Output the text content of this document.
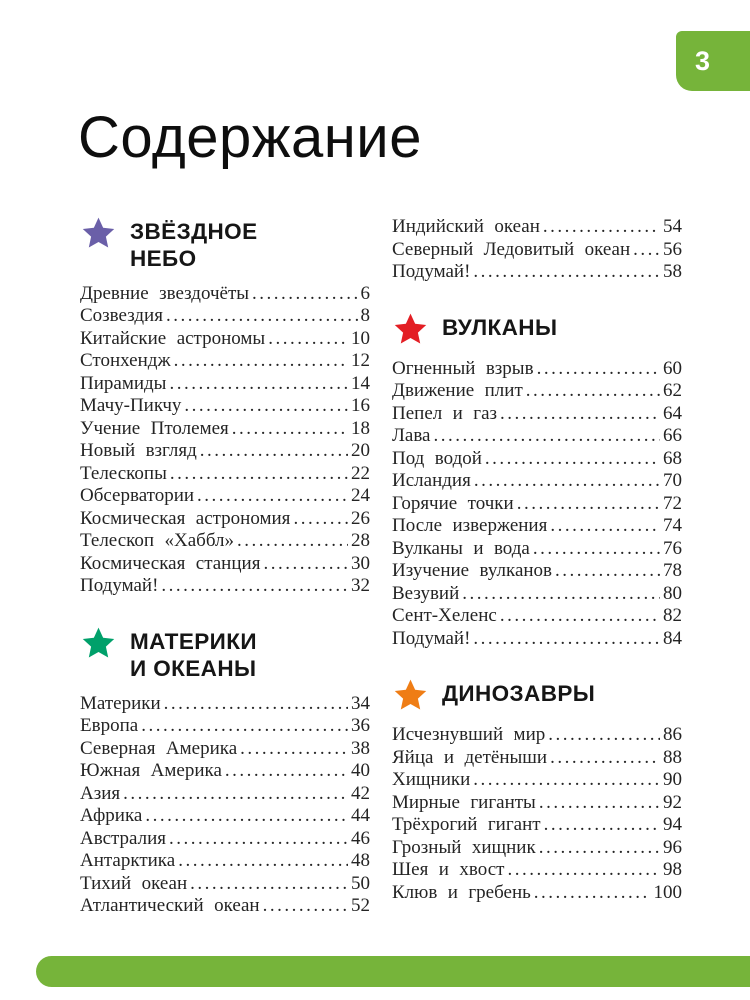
3
Содержание
ЗВЁЗДНОЕ
НЕБО
Древние звездочёты .....	6
Созвездия .....	8
Китайские астрономы .....	10
Стонхендж .....	12
Пирамиды .....	14
Мачу-Пикчу .....	16
Учение Птолемея .....	18
Новый взгляд .....	20
Телескопы .....	22
Обсерватории .....	24
Космическая астрономия .....	26
Телескоп «Хаббл» .....	28
Космическая станция .....	30
Подумай! .....	32
МАТЕРИКИ
И ОКЕАНЫ
Материки .....	34
Европа .....	36
Северная Америка .....	38
Южная Америка .....	40
Азия .....	42
Африка .....	44
Австралия .....	46
Антарктика .....	48
Тихий океан .....	50
Атлантический океан .....	52
Индийский океан .....	54
Северный Ледовитый океан ..... 56
Подумай! .....	58
ВУЛКАНЫ
Огненный взрыв .....	60
Движение плит .....	62
Пепел и газ .....	64
Лава .....	66
Под водой .....	68
Исландия .....	70
Горячие точки .....	72
После извержения .....	74
Вулканы и вода .....	76
Изучение вулканов .....	78
Везувий .....	80
Сент-Хеленс .....	82
Подумай! .....	84
ДИНОЗАВРЫ
Исчезнувший мир .....	86
Яйца и детёныши .....	88
Хищники .....	90
Мирные гиганты .....	92
Трёхрогий гигант .....	94
Грозный хищник .....	96
Шея и хвост .....	98
Клюв и гребень .....	100
